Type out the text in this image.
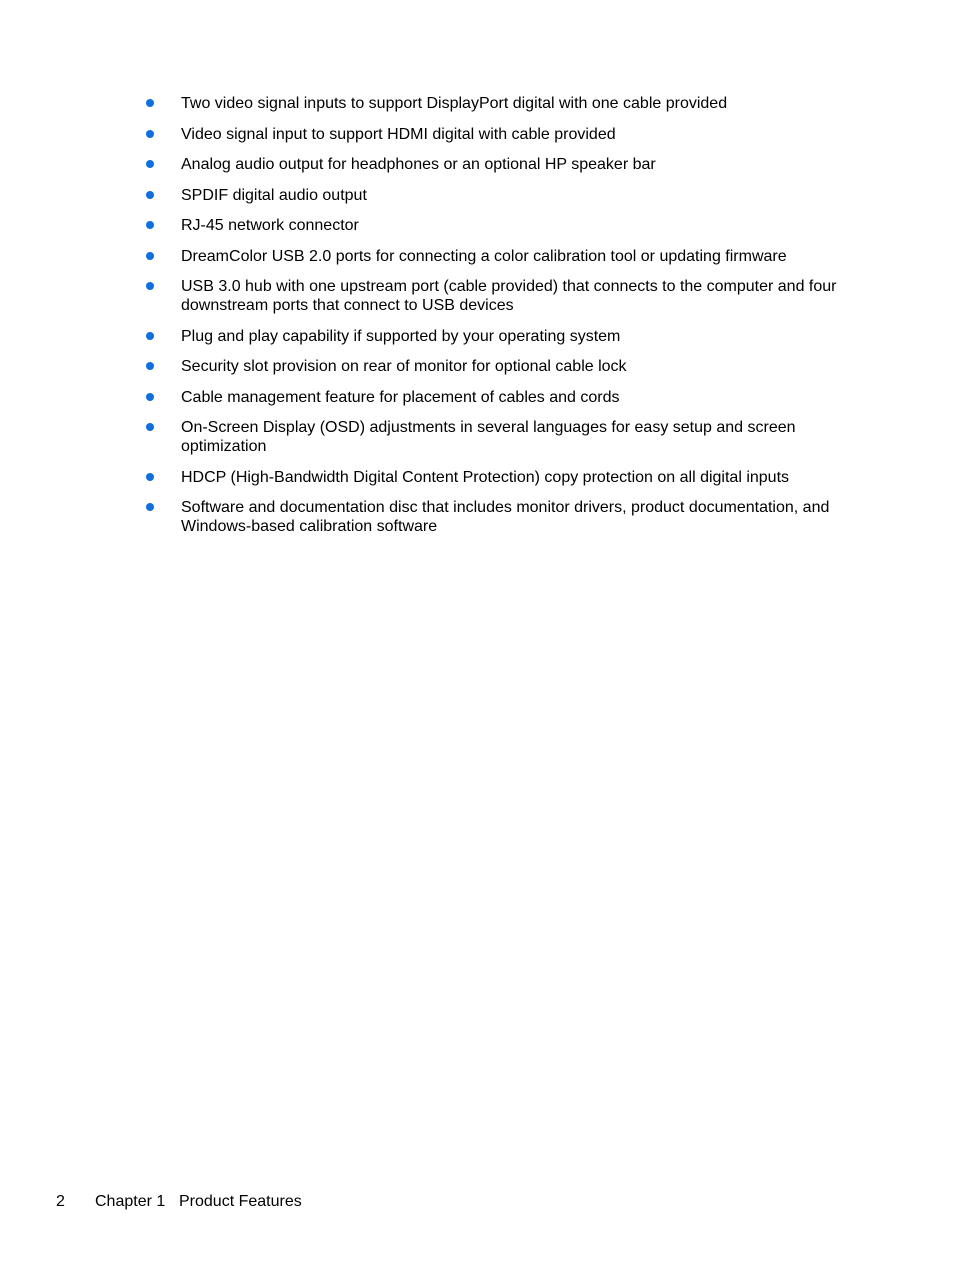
Two video signal inputs to support DisplayPort digital with one cable provided
Video signal input to support HDMI digital with cable provided
Analog audio output for headphones or an optional HP speaker bar
SPDIF digital audio output
RJ-45 network connector
DreamColor USB 2.0 ports for connecting a color calibration tool or updating firmware
USB 3.0 hub with one upstream port (cable provided) that connects to the computer and four downstream ports that connect to USB devices
Plug and play capability if supported by your operating system
Security slot provision on rear of monitor for optional cable lock
Cable management feature for placement of cables and cords
On-Screen Display (OSD) adjustments in several languages for easy setup and screen optimization
HDCP (High-Bandwidth Digital Content Protection) copy protection on all digital inputs
Software and documentation disc that includes monitor drivers, product documentation, and Windows-based calibration software
2 Chapter 1 Product Features
